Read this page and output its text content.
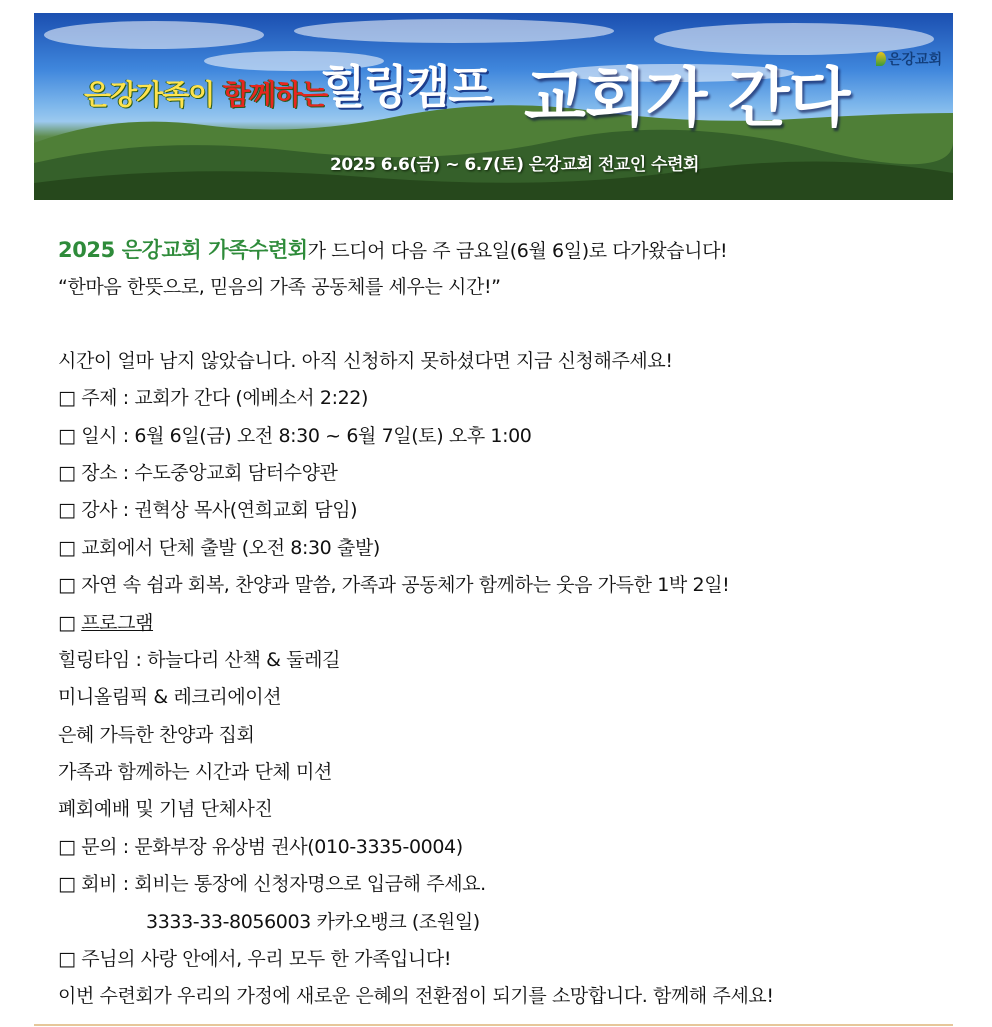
은강가족이 함께하는
힐링캠프 교회가 간다
2025 6.6(금) ~ 6.7(토) 은강교회 전교인 수련회
은강교회
2025 은강교회 가족수련회가 드디어 다음 주 금요일(6월 6일)로 다가왔습니다!
“한마음 한뜻으로, 믿음의 가족 공동체를 세우는 시간!”
시간이 얼마 남지 않았습니다. 아직 신청하지 못하셨다면 지금 신청해주세요!
□ 주제 : 교회가 간다 (에베소서 2:22)
□ 일시 : 6월 6일(금) 오전 8:30 ~ 6월 7일(토) 오후 1:00
□ 장소 : 수도중앙교회 담터수양관
□ 강사 : 권혁상 목사(연희교회 담임)
□ 교회에서 단체 출발 (오전 8:30 출발)
□ 자연 속 쉼과 회복, 찬양과 말씀, 가족과 공동체가 함께하는 웃음 가득한 1박 2일!
□ 프로그램
힐링타임 : 하늘다리 산책 & 둘레길
미니올림픽 & 레크리에이션
은혜 가득한 찬양과 집회
가족과 함께하는 시간과 단체 미션
폐회예배 및 기념 단체사진
□ 문의 : 문화부장 유상범 권사(010-3335-0004)
□ 회비 : 회비는 통장에 신청자명으로 입금해 주세요.
3333-33-8056003 카카오뱅크 (조원일)
□ 주님의 사랑 안에서, 우리 모두 한 가족입니다!
이번 수련회가 우리의 가정에 새로운 은혜의 전환점이 되기를 소망합니다. 함께해 주세요!
